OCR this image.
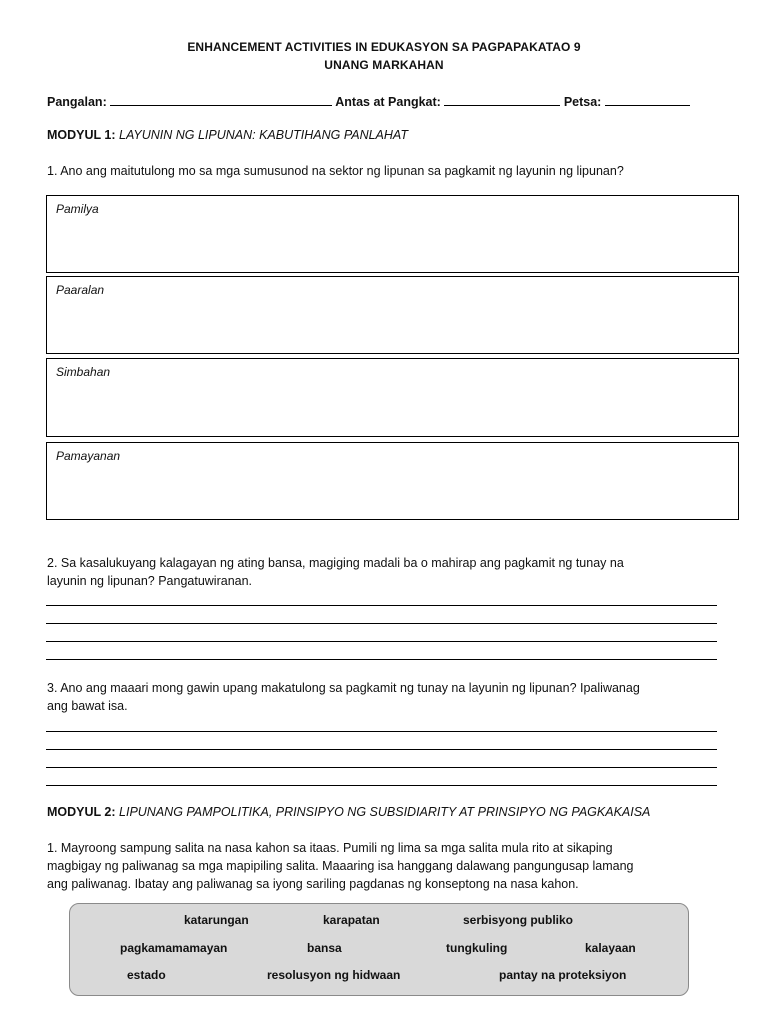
ENHANCEMENT ACTIVITIES IN EDUKASYON SA PAGPAPAKATAO 9
UNANG MARKAHAN
Pangalan:	Antas at Pangkat:	Petsa:
MODYUL 1: LAYUNIN NG LIPUNAN: KABUTIHANG PANLAHAT
1. Ano ang maitutulong mo sa mga sumusunod na sektor ng lipunan sa pagkamit ng layunin ng lipunan?
Pamilya
Paaralan
Simbahan
Pamayanan
2. Sa kasalukuyang kalagayan ng ating bansa, magiging madali ba o mahirap ang pagkamit ng tunay na
layunin ng lipunan? Pangatuwiranan.
3. Ano ang maaari mong gawin upang makatulong sa pagkamit ng tunay na layunin ng lipunan? Ipaliwanag
ang bawat isa.
MODYUL 2: LIPUNANG PAMPOLITIKA, PRINSIPYO NG SUBSIDIARITY AT PRINSIPYO NG PAGKAKAISA
1. Mayroong sampung salita na nasa kahon sa itaas. Pumili ng lima sa mga salita mula rito at sikaping
magbigay ng paliwanag sa mga mapipiling salita. Maaaring isa hanggang dalawang pangungusap lamang
ang paliwanag. Ibatay ang paliwanag sa iyong sariling pagdanas ng konseptong na nasa kahon.
katarungan	karapatan	serbisyong publiko
pagkamamamayan	bansa	tungkuling	kalayaan
estado	resolusyon ng hidwaan	pantay na proteksiyon
